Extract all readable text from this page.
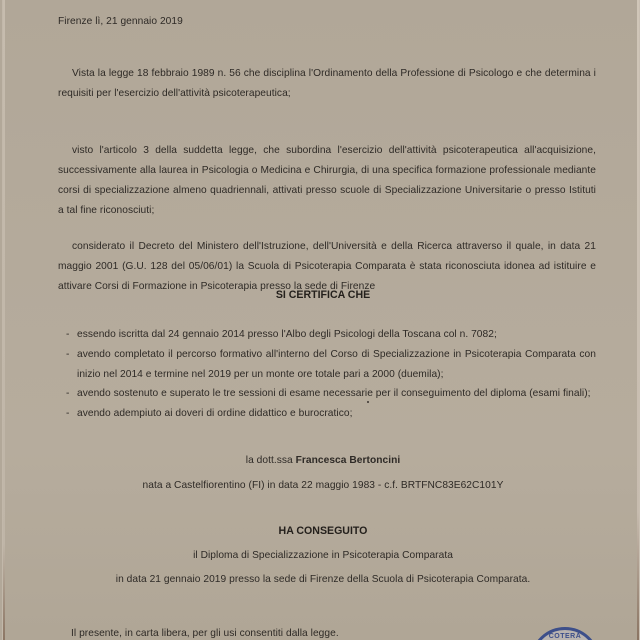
Firenze lì, 21 gennaio 2019
Vista la legge 18 febbraio 1989 n. 56 che disciplina l'Ordinamento della Professione di Psicologo e che determina i requisiti per l'esercizio dell'attività psicoterapeutica;
visto l'articolo 3 della suddetta legge, che subordina l'esercizio dell'attività psicoterapeutica all'acquisizione, successivamente alla laurea in Psicologia o Medicina e Chirurgia, di una specifica formazione professionale mediante corsi di specializzazione almeno quadriennali, attivati presso scuole di Specializzazione Universitarie o presso Istituti a tal fine riconosciuti;
considerato il Decreto del Ministero dell'Istruzione, dell'Università e della Ricerca attraverso il quale, in data 21 maggio 2001 (G.U. 128 del 05/06/01) la Scuola di Psicoterapia Comparata è stata riconosciuta idonea ad istituire e attivare Corsi di Formazione in Psicoterapia presso la sede di Firenze
SI CERTIFICA CHE
- essendo iscritta dal 24 gennaio 2014 presso l'Albo degli Psicologi della Toscana col n. 7082;
- avendo completato il percorso formativo all'interno del Corso di Specializzazione in Psicoterapia Comparata con inizio nel 2014 e termine nel 2019 per un monte ore totale pari a 2000 (duemila);
- avendo sostenuto e superato le tre sessioni di esame necessarie per il conseguimento del diploma (esami finali);
- avendo adempiuto ai doveri di ordine didattico e burocratico;
la dott.ssa Francesca Bertoncini
nata a Castelfiorentino (FI) in data 22 maggio 1983 - c.f. BRTFNC83E62C101Y
HA CONSEGUITO
il Diploma di Specializzazione in Psicoterapia Comparata
in data 21 gennaio 2019 presso la sede di Firenze della Scuola di Psicoterapia Comparata.
Il presente, in carta libera, per gli usi consentiti dalla legge.	COTERA
